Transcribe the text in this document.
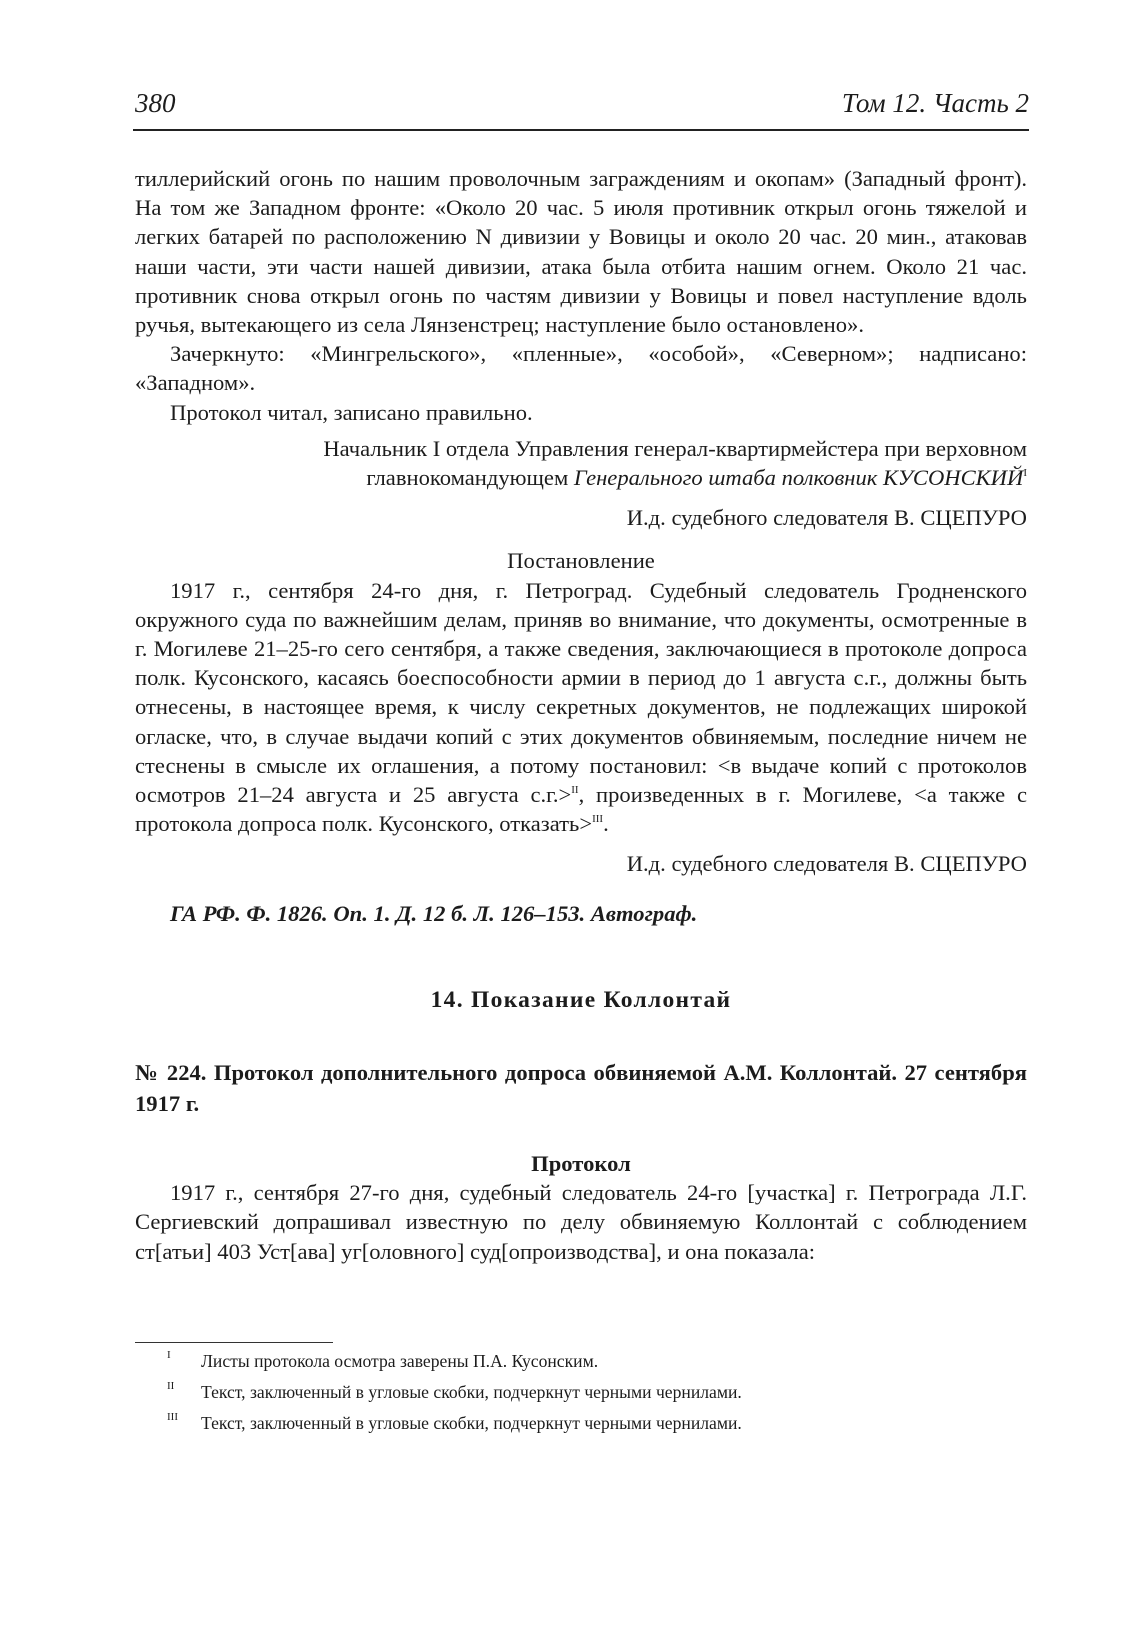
380	Том 12. Часть 2

тиллерийский огонь по нашим проволочным заграждениям и окопам» (Западный фронт). На том же Западном фронте: «Около 20 час. 5 июля противник открыл огонь тяжелой и легких батарей по расположению N дивизии у Вовицы и около 20 час. 20 мин., атаковав наши части, эти части нашей дивизии, атака была отбита нашим огнем. Около 21 час. противник снова открыл огонь по частям дивизии у Вовицы и повел наступление вдоль ручья, вытекающего из села Лянзенстрец; наступление было остановлено».

Зачеркнуто: «Мингрельского», «пленные», «особой», «Северном»; надписано: «Западном».

Протокол читал, записано правильно.

Начальник I отдела Управления генерал-квартирмейстера при верховном
главнокомандующем Генерального штаба полковник $КУСОНСКИЙ^I$
И.д. судебного следователя В. СЦЕПУРО
Постановление

1917 г., сентября 24-го дня, г. Петроград. Судебный следователь Гродненского окружного суда по важнейшим делам, приняв во внимание, что документы, осмотренные в г. Могилеве 21–25-го сего сентября, а также сведения, заключающиеся в протоколе допроса полк. Кусонского, касаясь боеспособности армии в период до 1 августа с.г., должны быть отнесены, в настоящее время, к числу секретных документов, не подлежащих широкой огласке, что, в случае выдачи копий с этих документов обвиняемым, последние ничем не стеснены в смысле их оглашения, а потому постановил: <в выдаче копий с протоколов осмотров 21–24 августа и 25 августа с.г.>$^{II}$, произведенных в г. Могилеве, <а также с протокола допроса полк. Кусонского, отказать>$^{III}$.

И.д. судебного следователя В. СЦЕПУРО
ГА РФ. Ф. 1826. Оп. 1. Д. 12 б. Л. 126–153. Автограф.
14. Показание Коллонтай
№ 224. Протокол дополнительного допроса обвиняемой А.М. Коллонтай. 27 сентября 1917 г.
Протокол

1917 г., сентября 27-го дня, судебный следователь 24-го [участка] г. Петрограда Л.Г. Сергиевский допрашивал известную по делу обвиняемую Коллонтай с соблюдением ст[атьи] 403 Уст[ава] уг[оловного] суд[опроизводства], и она показала:

I Листы протокола осмотра заверены П.А. Кусонским.
II Текст, заключенный в угловые скобки, подчеркнут черными чернилами.
III Текст, заключенный в угловые скобки, подчеркнут черными чернилами.
